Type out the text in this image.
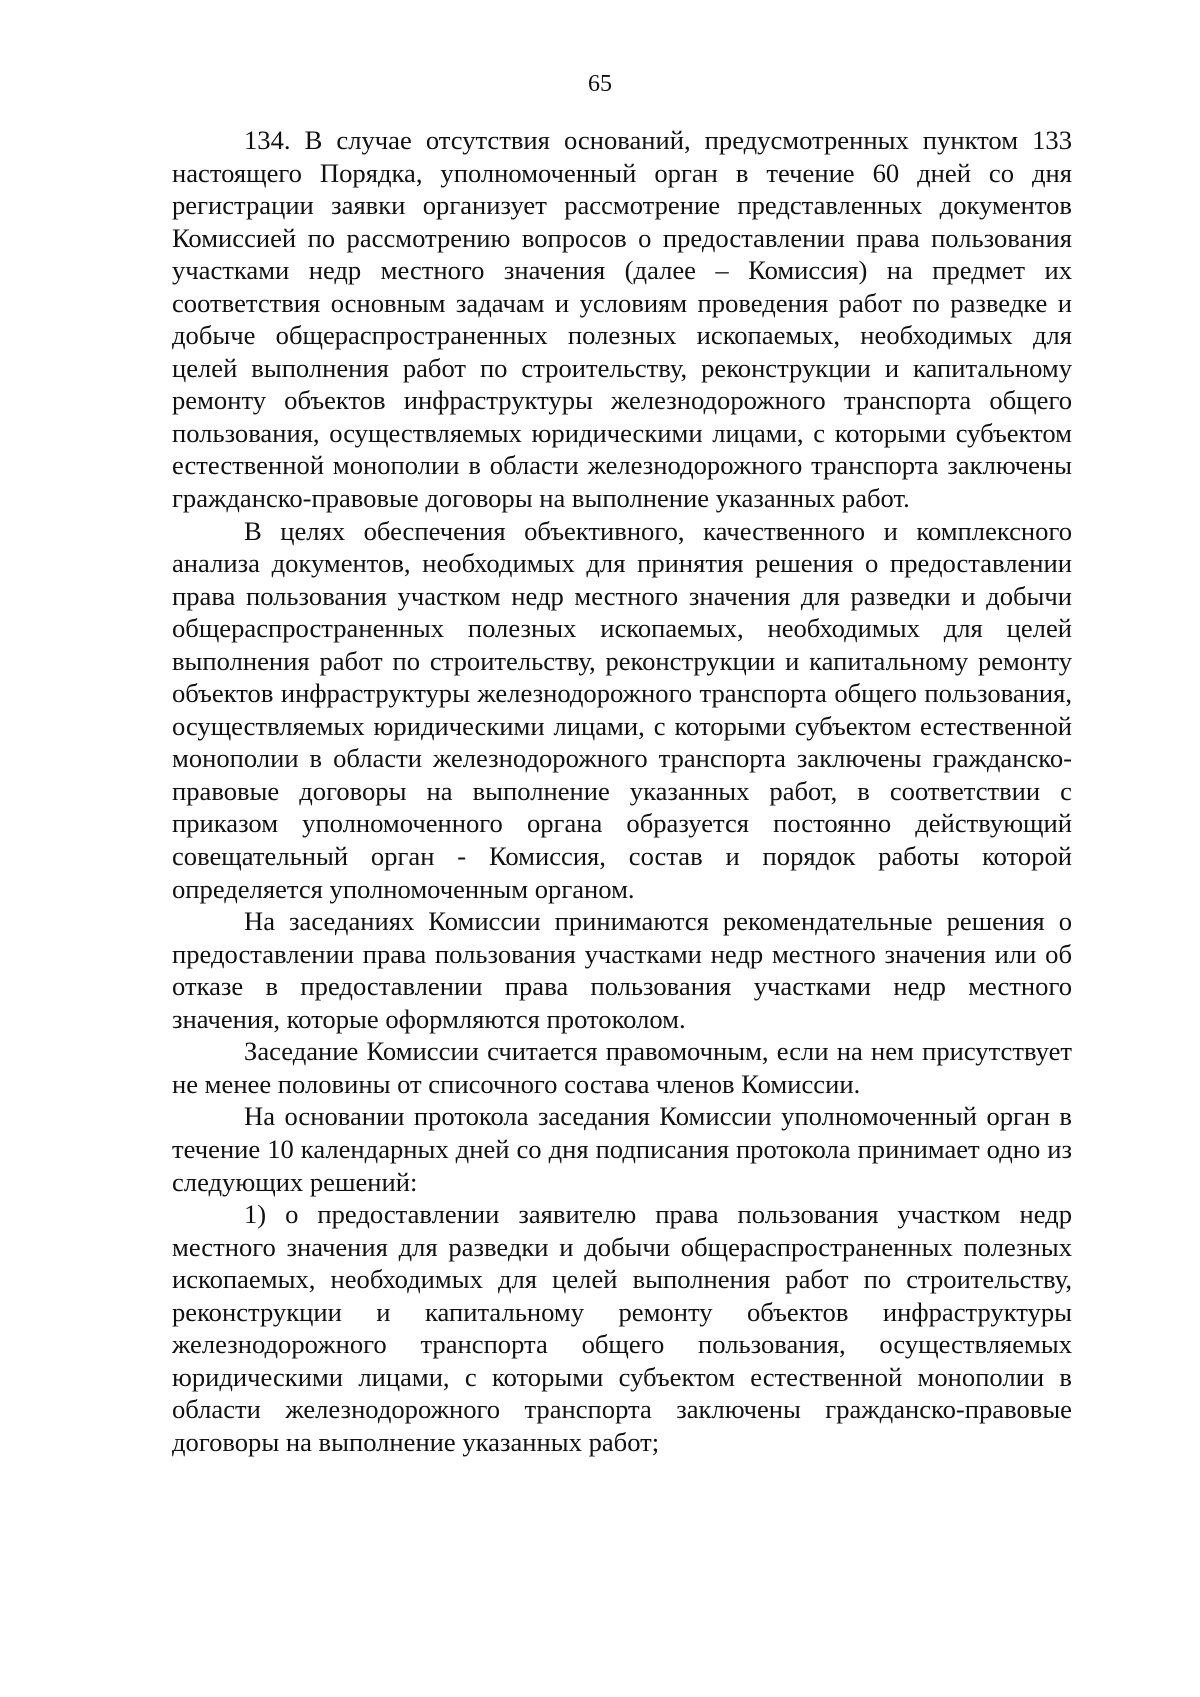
65

134. В случае отсутствия оснований, предусмотренных пунктом 133 настоящего Порядка, уполномоченный орган в течение 60 дней со дня регистрации заявки организует рассмотрение представленных документов Комиссией по рассмотрению вопросов о предоставлении права пользования участками недр местного значения (далее – Комиссия) на предмет их соответствия основным задачам и условиям проведения работ по разведке и добыче общераспространенных полезных ископаемых, необходимых для целей выполнения работ по строительству, реконструкции и капитальному ремонту объектов инфраструктуры железнодорожного транспорта общего пользования, осуществляемых юридическими лицами, с которыми субъектом естественной монополии в области железнодорожного транспорта заключены гражданско-правовые договоры на выполнение указанных работ.

В целях обеспечения объективного, качественного и комплексного анализа документов, необходимых для принятия решения о предоставлении права пользования участком недр местного значения для разведки и добычи общераспространенных полезных ископаемых, необходимых для целей выполнения работ по строительству, реконструкции и капитальному ремонту объектов инфраструктуры железнодорожного транспорта общего пользования, осуществляемых юридическими лицами, с которыми субъектом естественной монополии в области железнодорожного транспорта заключены гражданско-правовые договоры на выполнение указанных работ, в соответствии с приказом уполномоченного органа образуется постоянно действующий совещательный орган - Комиссия, состав и порядок работы которой определяется уполномоченным органом.

На заседаниях Комиссии принимаются рекомендательные решения о предоставлении права пользования участками недр местного значения или об отказе в предоставлении права пользования участками недр местного значения, которые оформляются протоколом.

Заседание Комиссии считается правомочным, если на нем присутствует не менее половины от списочного состава членов Комиссии.

На основании протокола заседания Комиссии уполномоченный орган в течение 10 календарных дней со дня подписания протокола принимает одно из следующих решений:

1) о предоставлении заявителю права пользования участком недр местного значения для разведки и добычи общераспространенных полезных ископаемых, необходимых для целей выполнения работ по строительству, реконструкции и капитальному ремонту объектов инфраструктуры железнодорожного транспорта общего пользования, осуществляемых юридическими лицами, с которыми субъектом естественной монополии в области железнодорожного транспорта заключены гражданско-правовые договоры на выполнение указанных работ;
